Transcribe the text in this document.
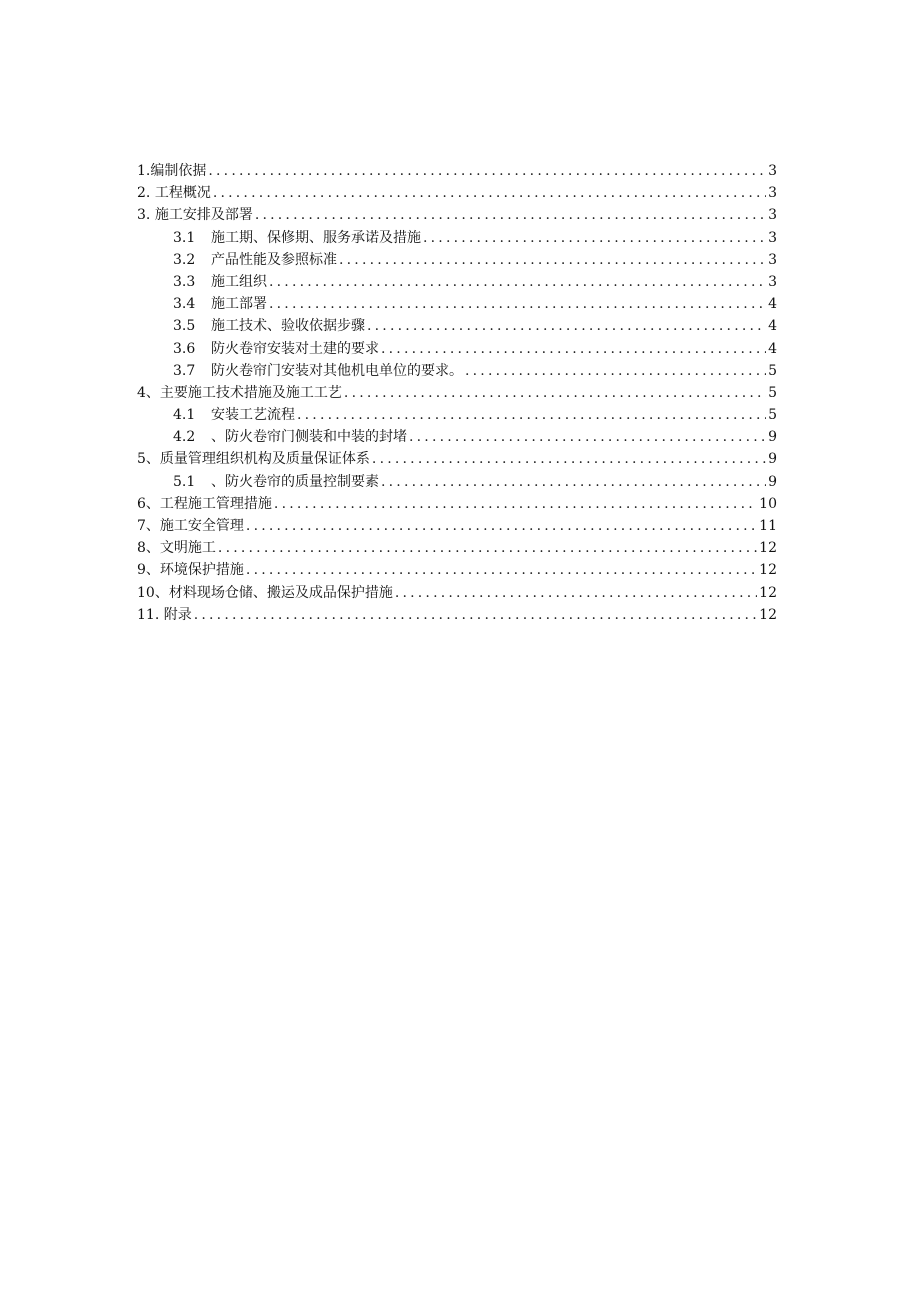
1 .编制依据 .....	3
2 . 工程概况 .....	3
3 . 施工安排及部署 .....	3
3.1	施工期、保修期、服务承诺及措施 .....	3
3.2	产品性能及参照标准 .....	3
3.3	施工组织 .....	3
3.4	施工部署 .....	4
3.5	施工技术、验收依据步骤 .....	4
3.6	防火卷帘安装对土建的要求 .....	4
3.7	防火卷帘门安装对其他机电单位的要求。 .....	5
4 、主要施工技术措施及施工工艺 .....	5
4.1	安装工艺流程 .....	5
4.2	、防火卷帘门侧装和中装的封堵 .....	9
5 、质量管理组织机构及质量保证体系 .....	9
5.1	、防火卷帘的质量控制要素 .....	9
6 、工程施工管理措施 .....	10
7 、施工安全管理 .....	11
8 、文明施工 .....	12
9 、环境保护措施 .....	12
10 、材料现场仓储、搬运及成品保护措施 .....	12
11 . 附录 .....	12
